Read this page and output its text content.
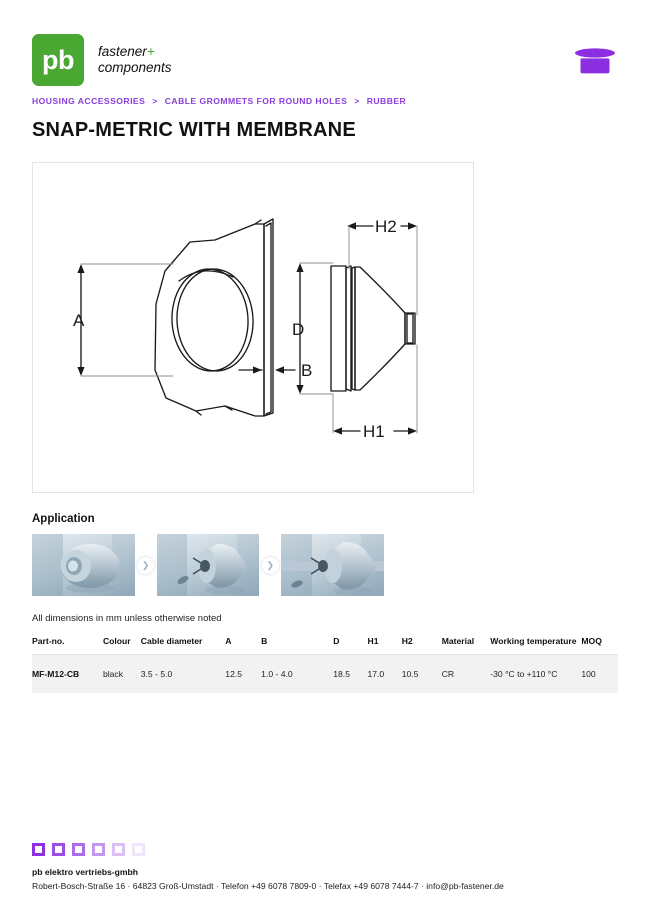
pb fastener+
components
HOUSING ACCESSORIES > CABLE GROMMETS FOR ROUND HOLES > RUBBER
SNAP-METRIC WITH MEMBRANE
A
B
D
H1
H2
Application
❯	❯
All dimensions in mm unless otherwise noted
Part-no.	Colour	Cable diameter	A	B	D	H1	H2	Material	Working temperature	MOQ
MF-M12-CB	black	3.5 - 5.0	12.5	1.0 - 4.0	18.5	17.0	10.5	CR	-30 °C to +110 °C	100
pb elektro vertriebs-gmbh
Robert-Bosch-Straße 16 · 64823 Groß-Umstadt · Telefon +49 6078 7809-0 · Telefax +49 6078 7444-7 · info@pb-fastener.de
